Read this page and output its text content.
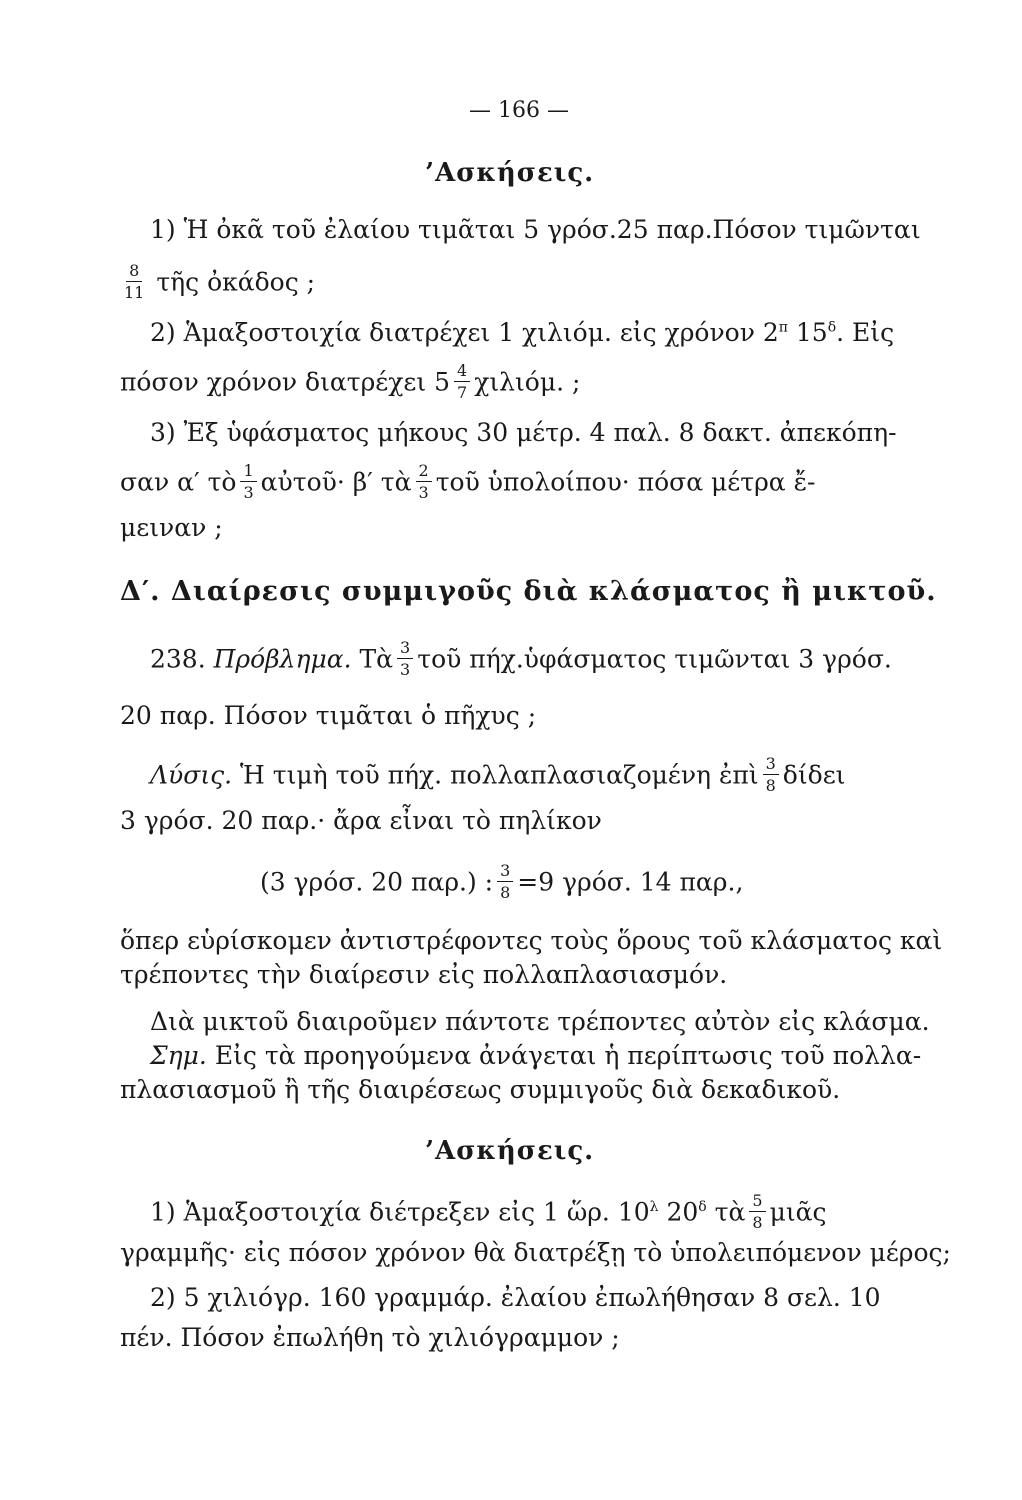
— 166 —
’Ασκήσεις.
1) Ἡ ὀκᾶ τοῦ ἐλαίου τιμᾶται 5 γρόσ.25 παρ.Πόσον τιμῶνται
$\frac{8}{11}$ τῆς ὀκάδος ;
2) Ἁμαξοστοιχία διατρέχει 1 χιλιόμ. εἰς χρόνον $2^\pi$ $15^\delta$. Εἰς
πόσον χρόνον διατρέχει $5 \frac{4}{7} \chi\iota\lambda\iota ό\mu$. ;
3) Ἐξ ὑφάσματος μήκους 30 μέτρ. 4 παλ. 8 δακτ. ἀπεκόπη-
σαν α′ τὸ $\frac{1}{3}$ αὐτοῦ· β′ τὰ $\frac{2}{3}$ τοῦ ὑπολοίπου· πόσα μέτρα ἔ-
μειναν ;
Δ′. Διαίρεσις συμμιγοῦς διὰ κλάσματος ἢ μικτοῦ.
238. Πρόβλημα. Τὰ $\frac{3}{3}$ τοῦ πήχ.ὑφάσματος τιμῶνται 3 γρόσ.
20 παρ. Πόσον τιμᾶται ὁ πῆχυς ;
Λύσις. Ἡ τιμὴ τοῦ πήχ. πολλαπλασιαζομένη ἐπὶ $\frac{3}{8}$ δίδει
3 γρόσ. 20 παρ.· ἄρα εἶναι τὸ πηλίκον
(3 γρόσ. 20 παρ.) : $\frac{3}{8} =9$ γρόσ. 14 παρ.,
ὅπερ εὑρίσκομεν ἀντιστρέφοντες τοὺς ὅρους τοῦ κλάσματος καὶ
τρέποντες τὴν διαίρεσιν εἰς πολλαπλασιασμόν.
Διὰ μικτοῦ διαιροῦμεν πάντοτε τρέποντες αὐτὸν εἰς κλάσμα.
Σημ. Εἰς τὰ προηγούμενα ἀνάγεται ἡ περίπτωσις τοῦ πολλα-
πλασιασμοῦ ἢ τῆς διαιρέσεως συμμιγοῦς διὰ δεκαδικοῦ.
’Ασκήσεις.
1) Ἁμαξοστοιχία διέτρεξεν εἰς 1 ὥρ. $10^\lambda$ $20^\delta$ τὰ $\frac{5}{8}$ μιᾶς
γραμμῆς· εἰς πόσον χρόνον θὰ διατρέξῃ τὸ ὑπολειπόμενον μέρος;
2) 5 χιλιόγρ. 160 γραμμάρ. ἐλαίου ἐπωλήθησαν 8 σελ. 10
πέν. Πόσον ἐπωλήθη τὸ χιλιόγραμμον ;
